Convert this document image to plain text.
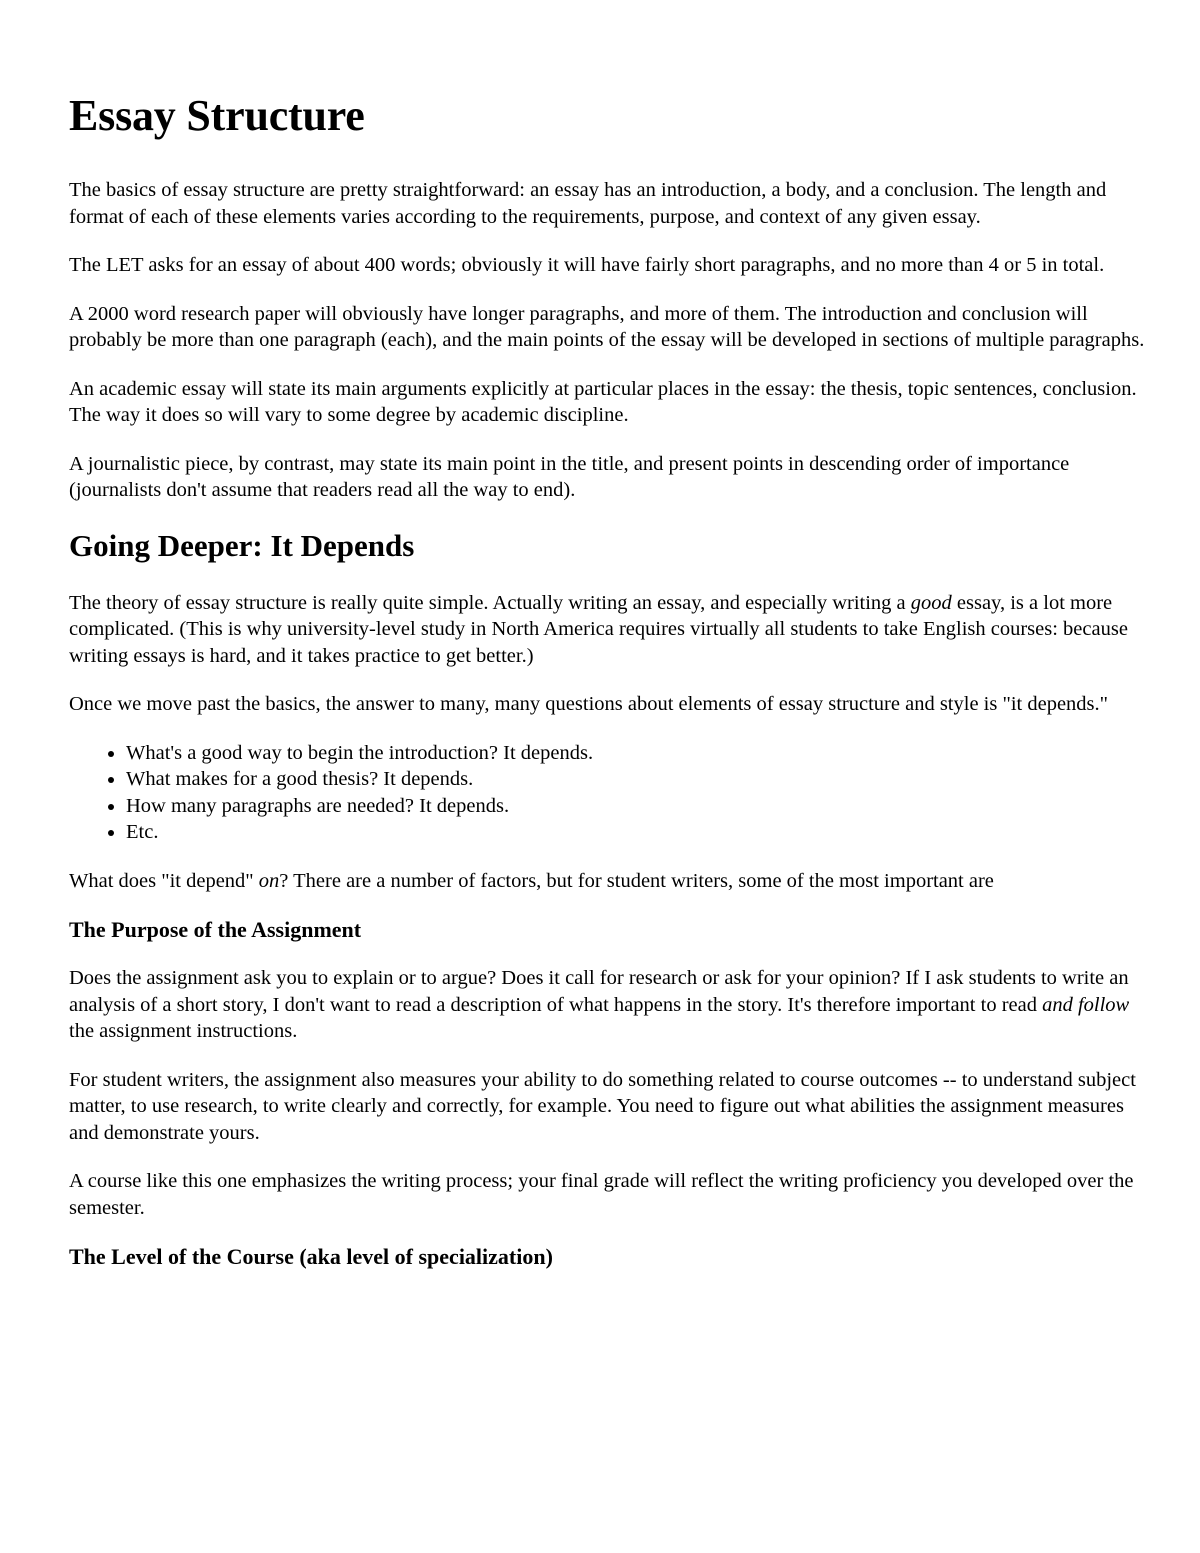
Essay Structure

The basics of essay structure are pretty straightforward: an essay has an introduction, a body, and a conclusion. The length and format of each of these elements varies according to the requirements, purpose, and context of any given essay.

The LET asks for an essay of about 400 words; obviously it will have fairly short paragraphs, and no more than 4 or 5 in total.

A 2000 word research paper will obviously have longer paragraphs, and more of them. The introduction and conclusion will probably be more than one paragraph (each), and the main points of the essay will be developed in sections of multiple paragraphs.

An academic essay will state its main arguments explicitly at particular places in the essay: the thesis, topic sentences, conclusion. The way it does so will vary to some degree by academic discipline.

A journalistic piece, by contrast, may state its main point in the title, and present points in descending order of importance (journalists don't assume that readers read all the way to end).

Going Deeper: It Depends

The theory of essay structure is really quite simple. Actually writing an essay, and especially writing a good essay, is a lot more complicated. (This is why university-level study in North America requires virtually all students to take English courses: because writing essays is hard, and it takes practice to get better.)

Once we move past the basics, the answer to many, many questions about elements of essay structure and style is "it depends."

• What's a good way to begin the introduction? It depends.
• What makes for a good thesis? It depends.
• How many paragraphs are needed? It depends.
• Etc.

What does "it depend" on? There are a number of factors, but for student writers, some of the most important are

The Purpose of the Assignment

Does the assignment ask you to explain or to argue? Does it call for research or ask for your opinion? If I ask students to write an analysis of a short story, I don't want to read a description of what happens in the story. It's therefore important to read and follow the assignment instructions.

For student writers, the assignment also measures your ability to do something related to course outcomes -- to understand subject matter, to use research, to write clearly and correctly, for example. You need to figure out what abilities the assignment measures and demonstrate yours.

A course like this one emphasizes the writing process; your final grade will reflect the writing proficiency you developed over the semester.

The Level of the Course (aka level of specialization)
